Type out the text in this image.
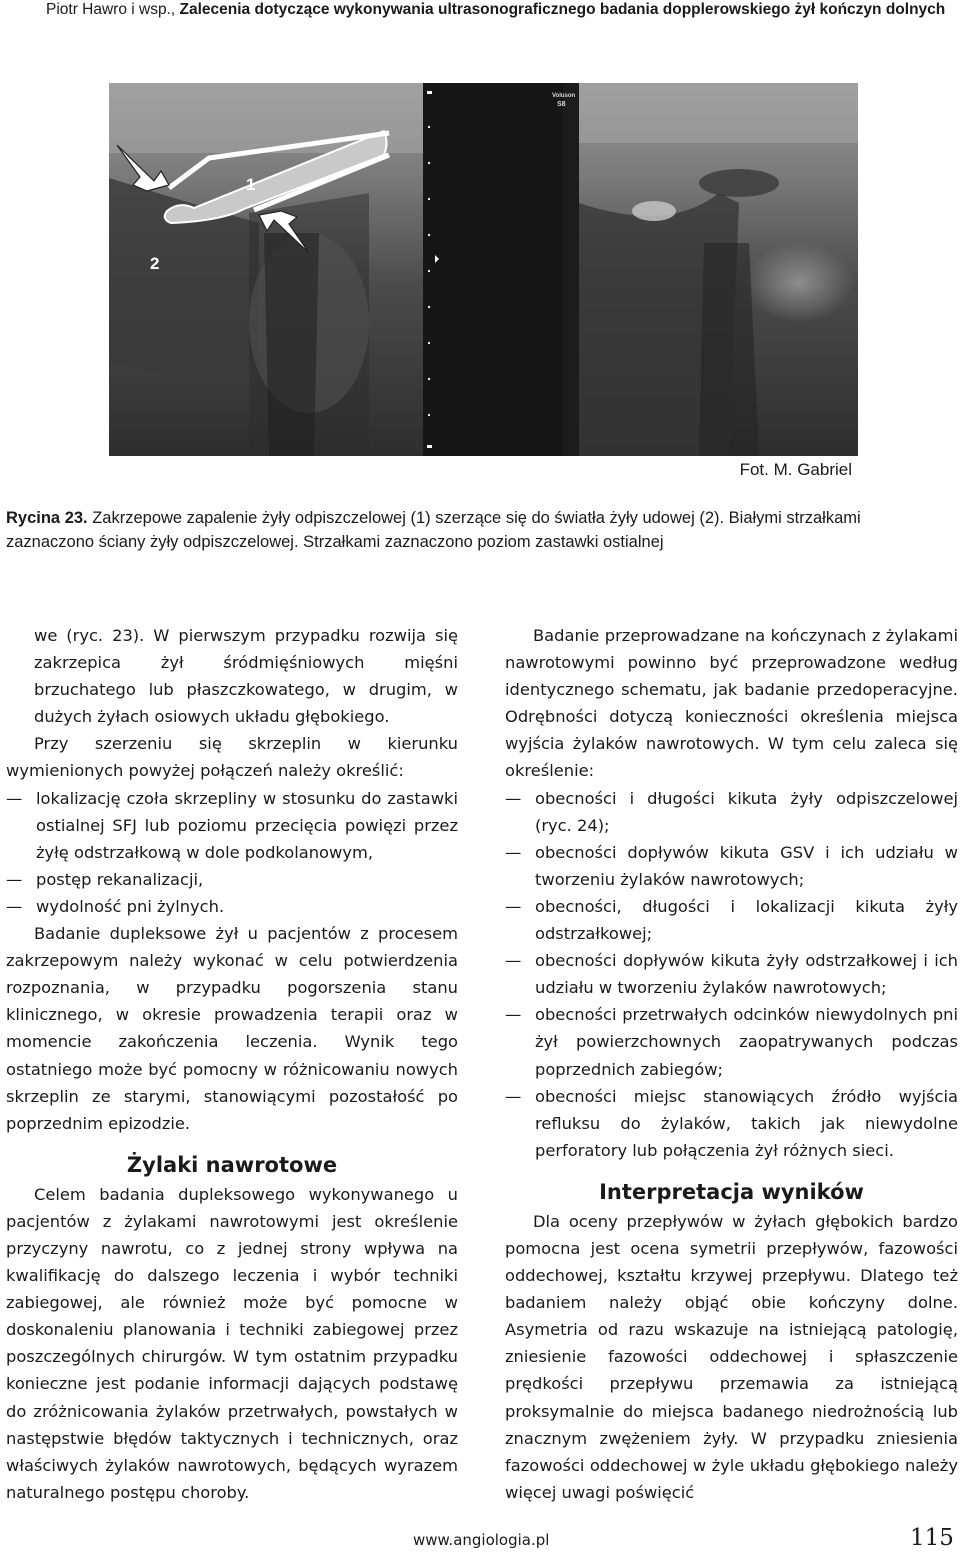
Piotr Hawro i wsp., Zalecenia dotyczące wykonywania ultrasonograficznego badania dopplerowskiego żył kończyn dolnych
1
2
Voluson
S8
Fot. M. Gabriel
Rycina 23. Zakrzepowe zapalenie żyły odpiszczelowej (1) szerzące się do światła żyły udowej (2). Białymi strzałkami zaznaczono ściany żyły odpiszczelowej. Strzałkami zaznaczono poziom zastawki ostialnej

we (ryc. 23). W pierwszym przypadku rozwija się zakrzepica żył śródmięśniowych mięśni brzuchatego lub płaszczkowatego, w drugim, w dużych żyłach osiowych układu głębokiego.

Przy szerzeniu się skrzeplin w kierunku wymienionych powyżej połączeń należy określić:

— lokalizację czoła skrzepliny w stosunku do zastawki ostialnej SFJ lub poziomu przecięcia powięzi przez żyłę odstrzałkową w dole podkolanowym,

— postęp rekanalizacji,

— wydolność pni żylnych.

Badanie dupleksowe żył u pacjentów z procesem zakrzepowym należy wykonać w celu potwierdzenia rozpoznania, w przypadku pogorszenia stanu klinicznego, w okresie prowadzenia terapii oraz w momencie zakończenia leczenia. Wynik tego ostatniego może być pomocny w różnicowaniu nowych skrzeplin ze starymi, stanowiącymi pozostałość po poprzednim epizodzie.

Żylaki nawrotowe

Celem badania dupleksowego wykonywanego u pacjentów z żylakami nawrotowymi jest określenie przyczyny nawrotu, co z jednej strony wpływa na kwalifikację do dalszego leczenia i wybór techniki zabiegowej, ale również może być pomocne w doskonaleniu planowania i techniki zabiegowej przez poszczególnych chirurgów. W tym ostatnim przypadku konieczne jest podanie informacji dających podstawę do zróżnicowania żylaków przetrwałych, powstałych w następstwie błędów taktycznych i technicznych, oraz właściwych żylaków nawrotowych, będących wyrazem naturalnego postępu choroby.

Badanie przeprowadzane na kończynach z żylakami nawrotowymi powinno być przeprowadzone według identycznego schematu, jak badanie przedoperacyjne. Odrębności dotyczą konieczności określenia miejsca wyjścia żylaków nawrotowych. W tym celu zaleca się określenie:

— obecności i długości kikuta żyły odpiszczelowej (ryc. 24);

— obecności dopływów kikuta GSV i ich udziału w tworzeniu żylaków nawrotowych;

— obecności, długości i lokalizacji kikuta żyły odstrzałkowej;

— obecności dopływów kikuta żyły odstrzałkowej i ich udziału w tworzeniu żylaków nawrotowych;

— obecności przetrwałych odcinków niewydolnych pni żył powierzchownych zaopatrywanych podczas poprzednich zabiegów;

— obecności miejsc stanowiących źródło wyjścia refluksu do żylaków, takich jak niewydolne perforatory lub połączenia żył różnych sieci.

Interpretacja wyników

Dla oceny przepływów w żyłach głębokich bardzo pomocna jest ocena symetrii przepływów, fazowości oddechowej, kształtu krzywej przepływu. Dlatego też badaniem należy objąć obie kończyny dolne. Asymetria od razu wskazuje na istniejącą patologię, zniesienie fazowości oddechowej i spłaszczenie prędkości przepływu przemawia za istniejącą proksymalnie do miejsca badanego niedrożnością lub znacznym zwężeniem żyły. W przypadku zniesienia fazowości oddechowej w żyle układu głębokiego należy więcej uwagi poświęcić

www.angiologia.pl	115
